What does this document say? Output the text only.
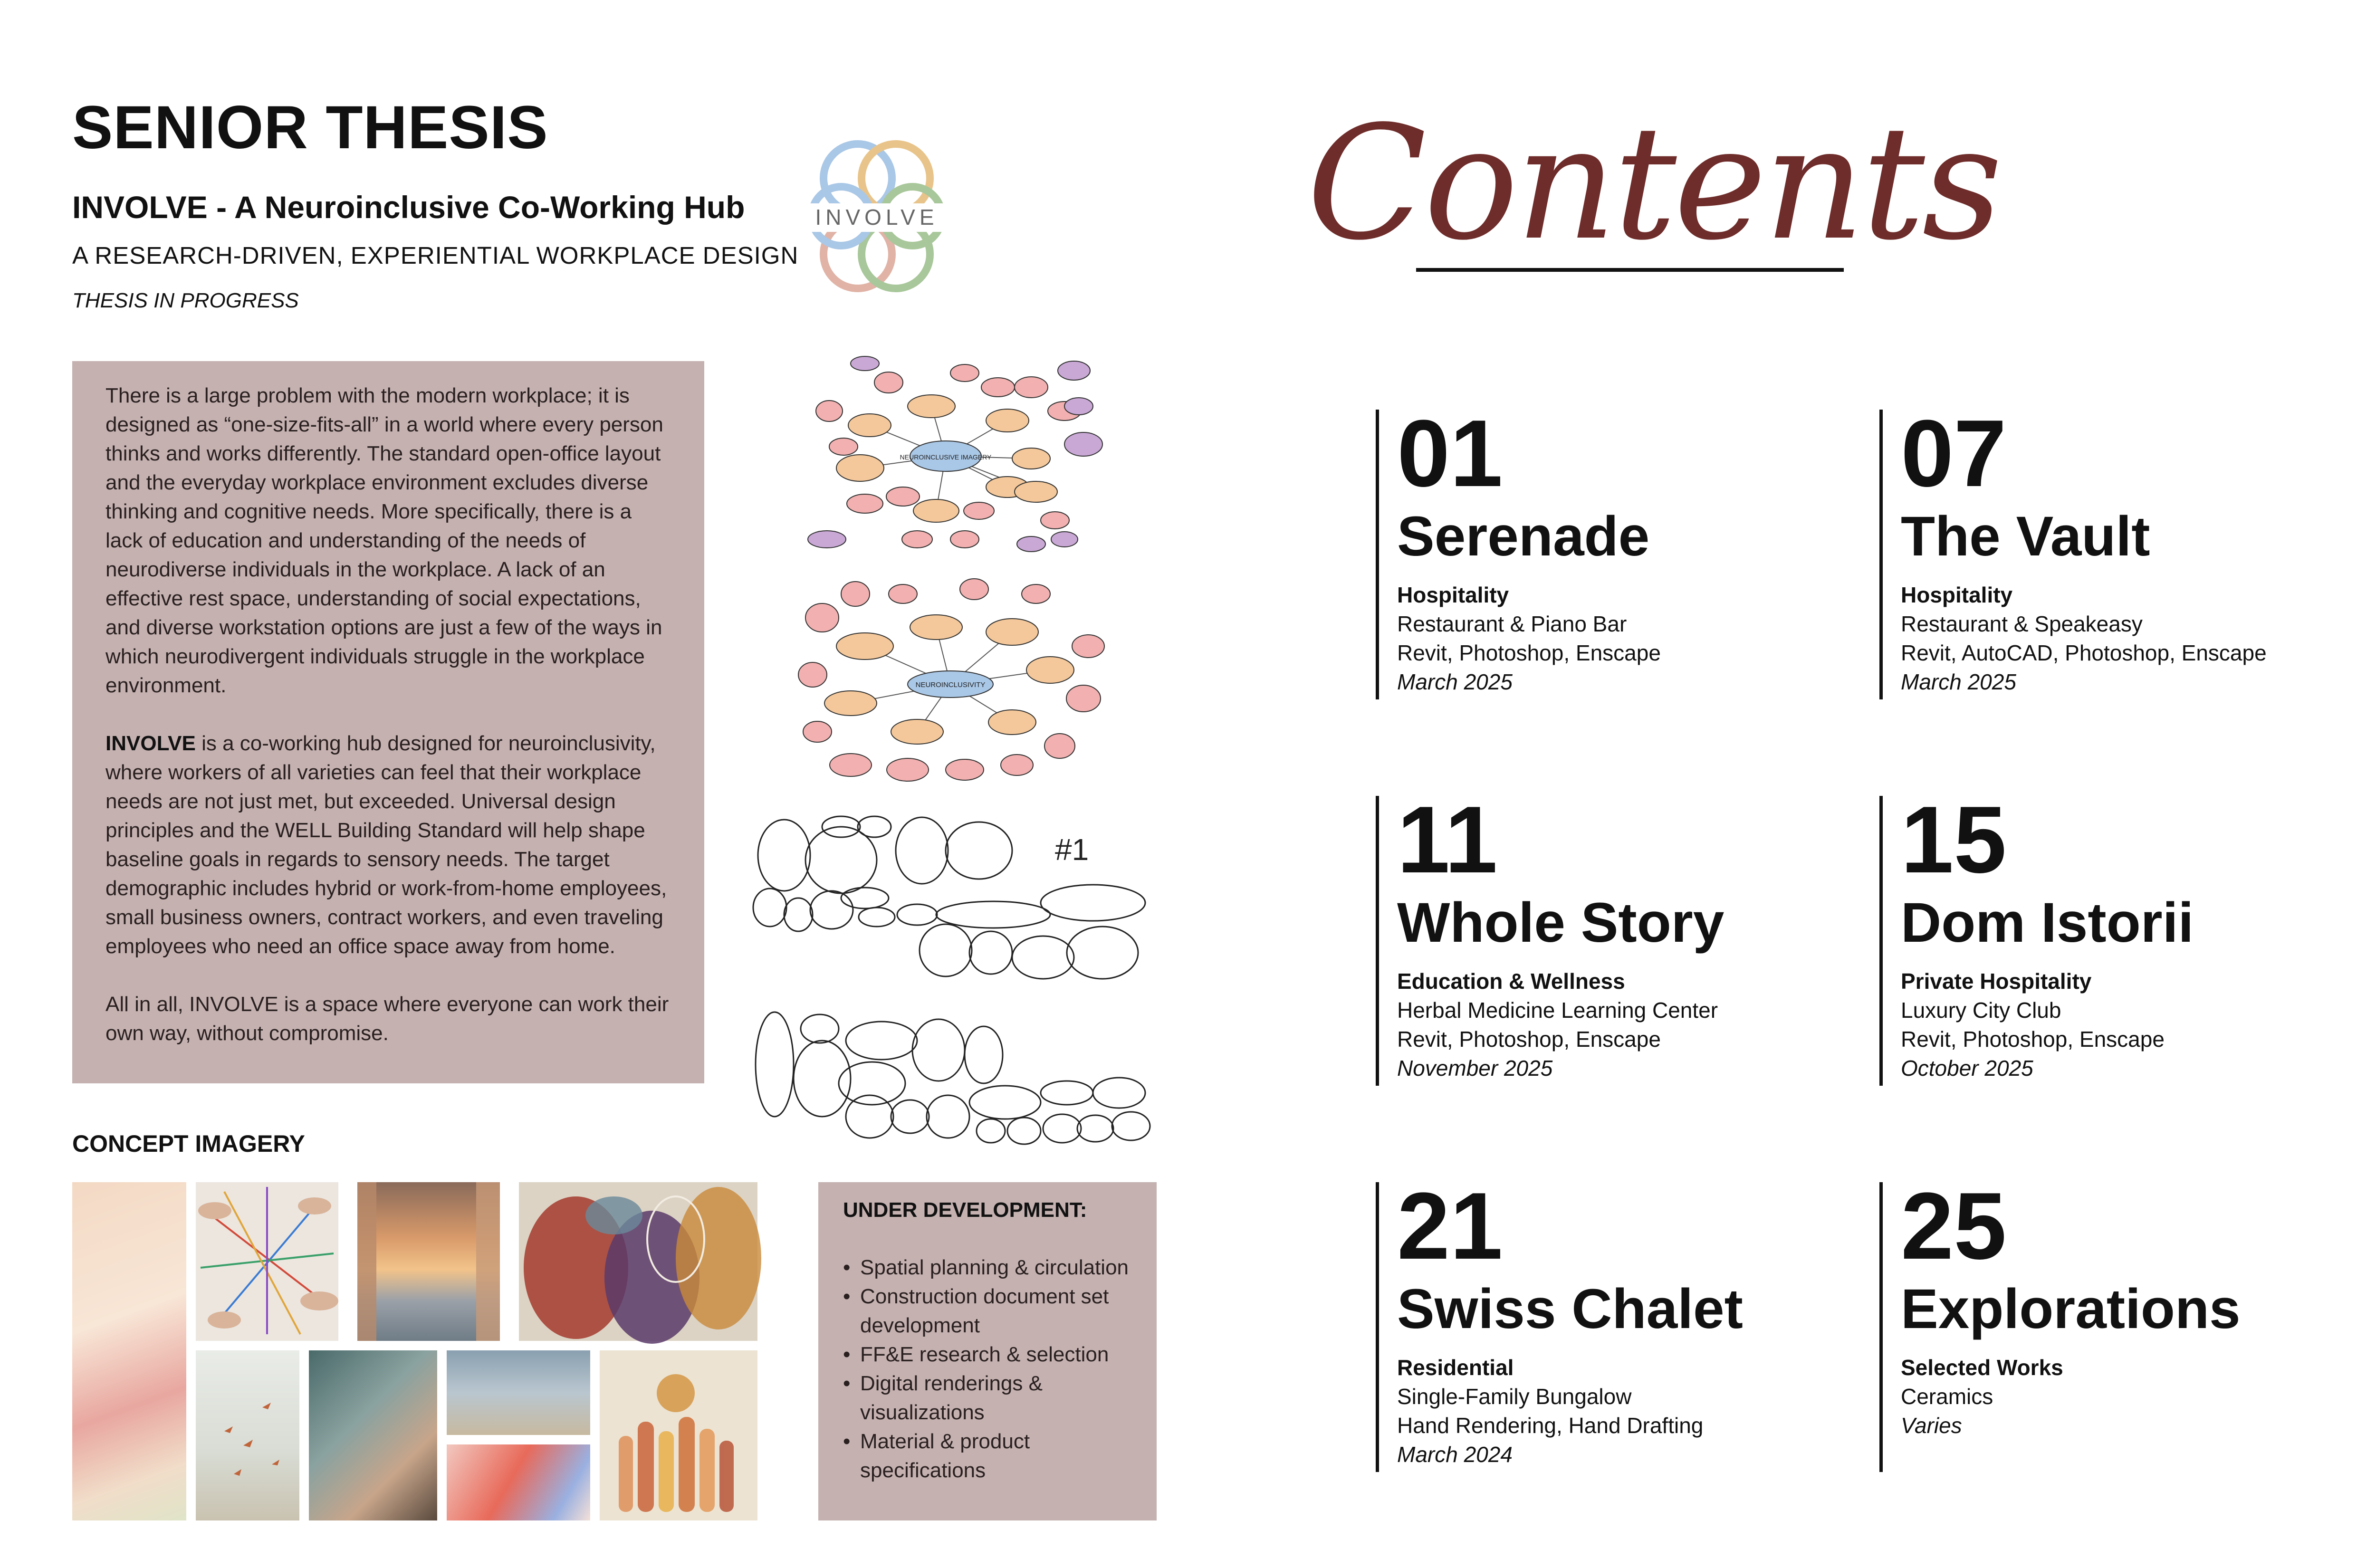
SENIOR THESIS
INVOLVE - A Neuroinclusive Co-Working Hub
A RESEARCH-DRIVEN, EXPERIENTIAL WORKPLACE DESIGN
THESIS IN PROGRESS
INVOLVE

There is a large problem with the modern workplace; it is designed as “one-size-fits-all” in a world where every person thinks and works differently. The standard open-office layout and the everyday workplace environment excludes diverse thinking and cognitive needs. More specifically, there is a lack of education and understanding of the needs of neurodiverse individuals in the workplace. A lack of an effective rest space, understanding of social expectations, and diverse workstation options are just a few of the ways in which neurodivergent individuals struggle in the workplace environment.

INVOLVE is a co-working hub designed for neuroinclusivity, where workers of all varieties can feel that their workplace needs are not just met, but exceeded. Universal design principles and the WELL Building Standard will help shape baseline goals in regards to sensory needs. The target demographic includes hybrid or work-from-home employees, small business owners, contract workers, and even traveling employees who need an office space away from home.

All in all, INVOLVE is a space where everyone can work their own way, without compromise.

NEUROINCLUSIVE IMAGERY
NEUROINCLUSIVITY
#1
CONCEPT IMAGERY
UNDER DEVELOPMENT:
• Spatial planning & circulation
• Construction document set development
• FF&E research & selection
• Digital renderings & visualizations
• Material & product specifications
Contents
01
Serenade
Hospitality
Restaurant & Piano Bar
Revit, Photoshop, Enscape
March 2025
07
The Vault
Hospitality
Restaurant & Speakeasy
Revit, AutoCAD, Photoshop, Enscape
March 2025
11
Whole Story
Education & Wellness
Herbal Medicine Learning Center
Revit, Photoshop, Enscape
November 2025
15
Dom Istorii
Private Hospitality
Luxury City Club
Revit, Photoshop, Enscape
October 2025
21
Swiss Chalet
Residential
Single-Family Bungalow
Hand Rendering, Hand Drafting
March 2024
25
Explorations
Selected Works
Ceramics
Varies
